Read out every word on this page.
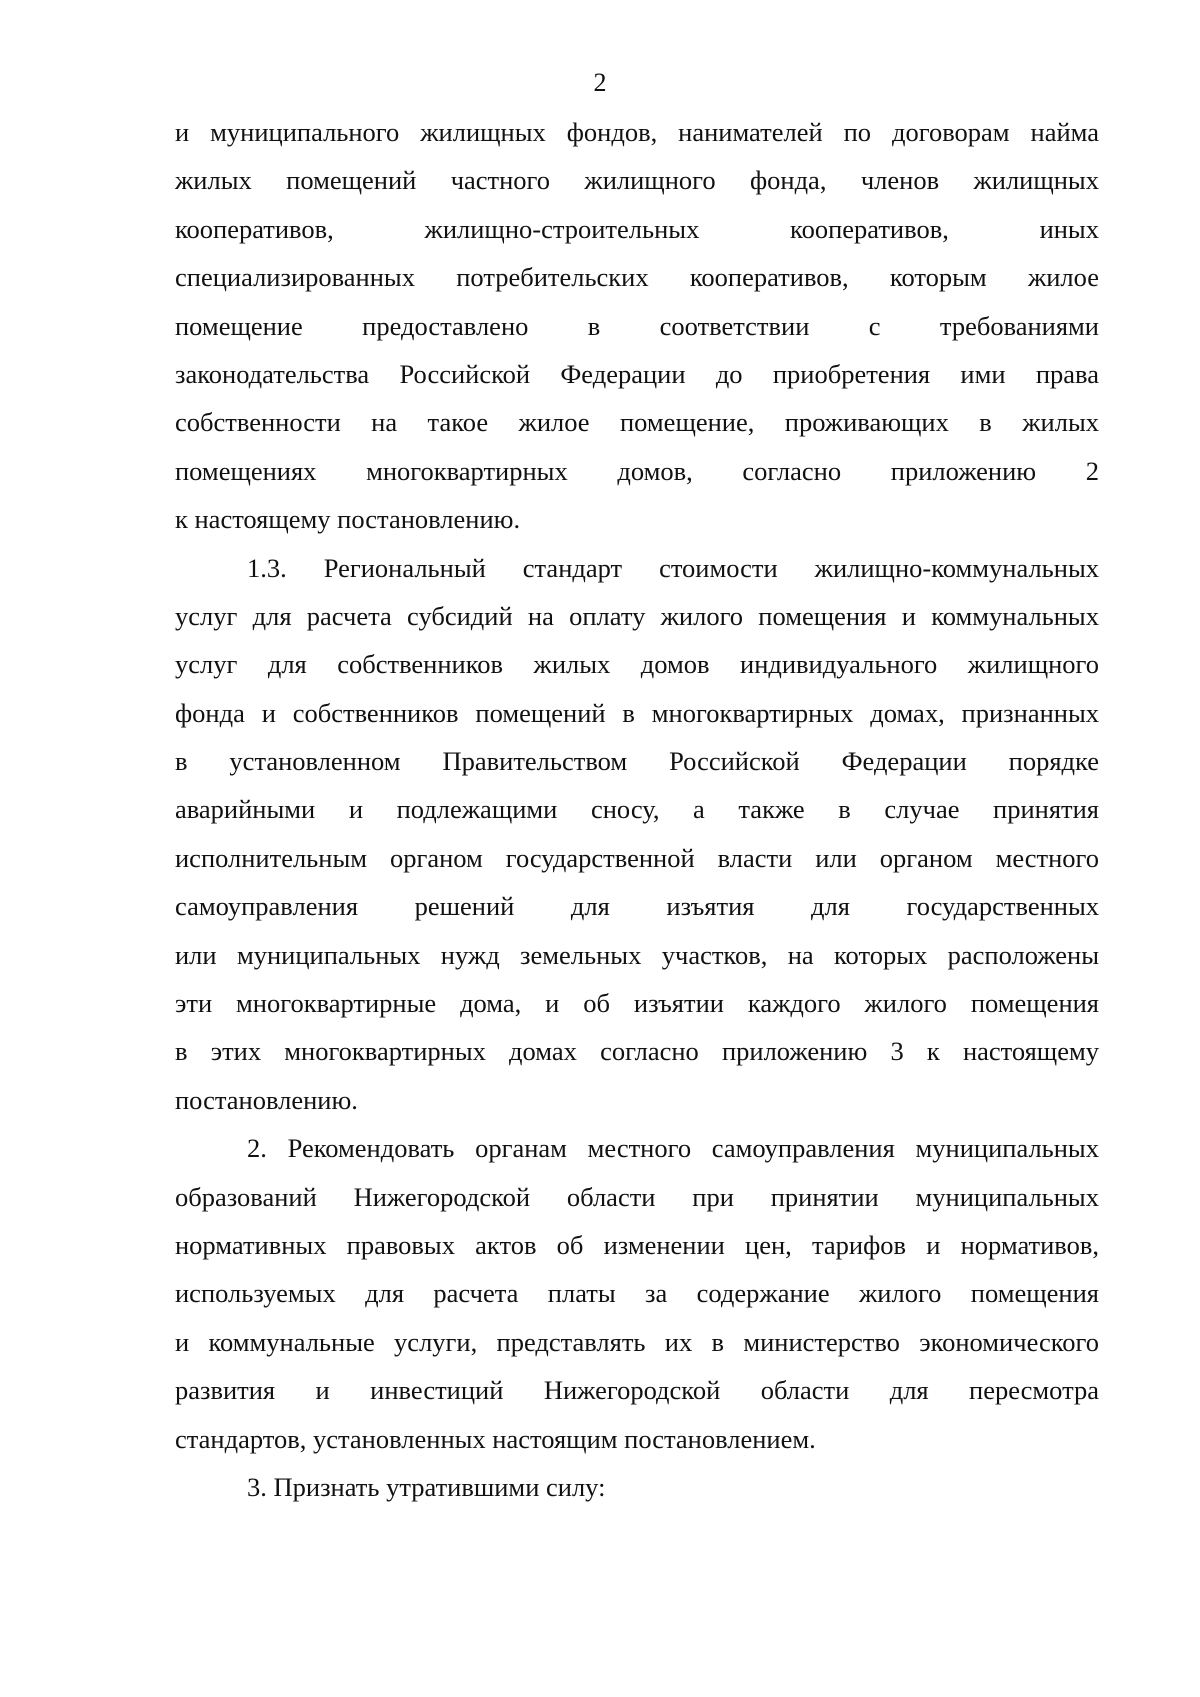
2
и муниципального жилищных фондов, нанимателей по договорам найма
жилых помещений частного жилищного фонда, членов жилищных
кооперативов, жилищно-строительных кооперативов, иных
специализированных потребительских кооперативов, которым жилое
помещение предоставлено в соответствии с требованиями
законодательства Российской Федерации до приобретения ими права
собственности на такое жилое помещение, проживающих в жилых
помещениях многоквартирных домов, согласно приложению 2
к настоящему постановлению.
1.3. Региональный стандарт стоимости жилищно-коммунальных
услуг для расчета субсидий на оплату жилого помещения и коммунальных
услуг для собственников жилых домов индивидуального жилищного
фонда и собственников помещений в многоквартирных домах, признанных
в установленном Правительством Российской Федерации порядке
аварийными и подлежащими сносу, а также в случае принятия
исполнительным органом государственной власти или органом местного
самоуправления решений для изъятия для государственных
или муниципальных нужд земельных участков, на которых расположены
эти многоквартирные дома, и об изъятии каждого жилого помещения
в этих многоквартирных домах согласно приложению 3 к настоящему
постановлению.
2. Рекомендовать органам местного самоуправления муниципальных
образований Нижегородской области при принятии муниципальных
нормативных правовых актов об изменении цен, тарифов и нормативов,
используемых для расчета платы за содержание жилого помещения
и коммунальные услуги, представлять их в министерство экономического
развития и инвестиций Нижегородской области для пересмотра
стандартов, установленных настоящим постановлением.
3. Признать утратившими силу:
